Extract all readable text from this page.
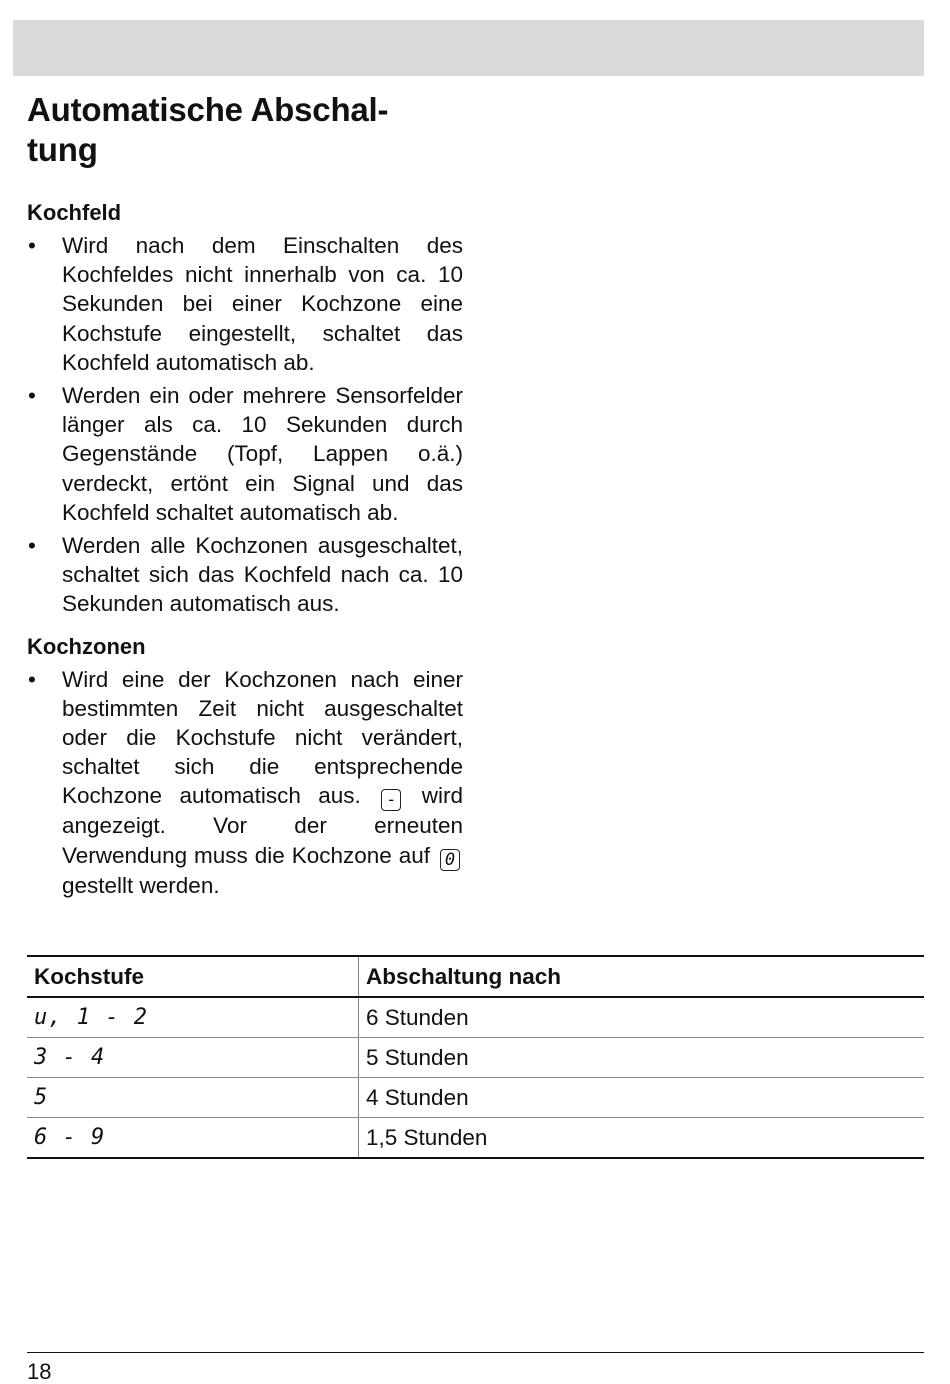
Automatische Abschal-
tung
Kochfeld
• Wird nach dem Einschalten des Kochfeldes nicht innerhalb von ca. 10 Sekunden bei einer Kochzone eine Kochstufe eingestellt, schaltet das Kochfeld automatisch ab.
• Werden ein oder mehrere Sensorfelder länger als ca. 10 Sekunden durch Gegenstände (Topf, Lappen o.ä.) verdeckt, ertönt ein Signal und das Kochfeld schaltet automatisch ab.
• Werden alle Kochzonen ausgeschaltet, schaltet sich das Kochfeld nach ca. 10 Sekunden automatisch aus.
Kochzonen
• Wird eine der Kochzonen nach einer bestimmten Zeit nicht ausgeschaltet oder die Kochstufe nicht verändert, schaltet sich die entsprechende Kochzone automatisch aus. - wird angezeigt. Vor der erneuten Verwendung muss die Kochzone auf 0 gestellt werden.
Kochstufe	Abschaltung nach
u, 1 - 2	6 Stunden
3 - 4	5 Stunden
5	4 Stunden
6 - 9	1,5 Stunden
18
